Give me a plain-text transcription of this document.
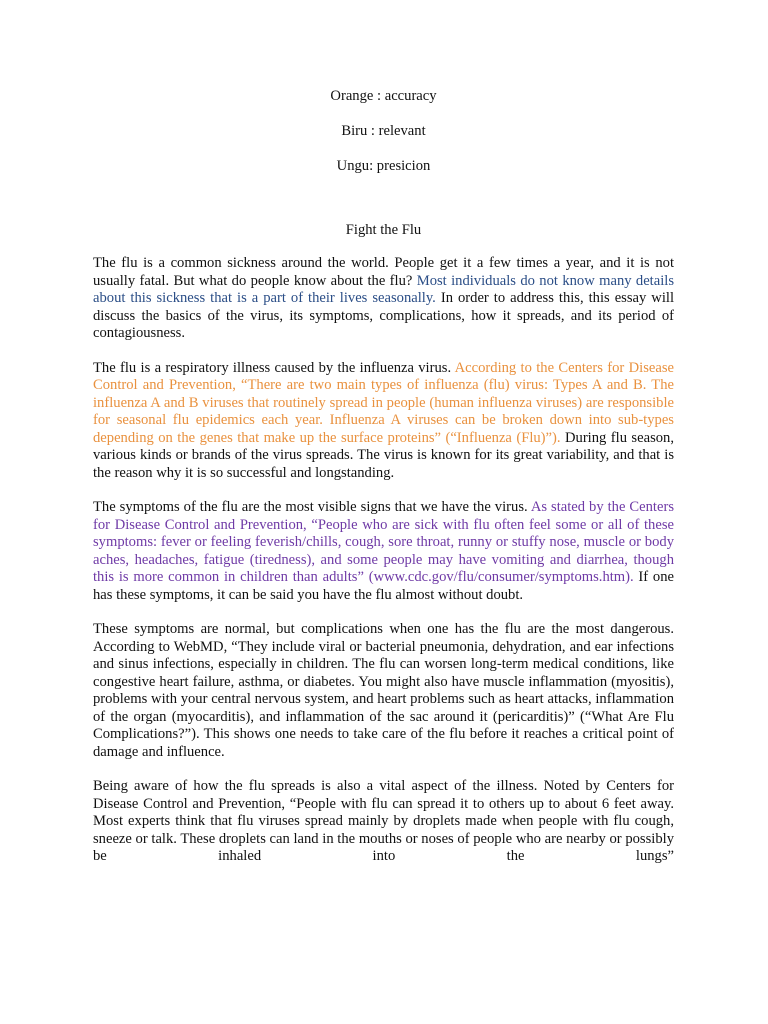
Orange : accuracy

Biru : relevant

Ungu: presicion

Fight the Flu

The flu is a common sickness around the world. People get it a few times a year, and it is not usually fatal. But what do people know about the flu? Most individuals do not know many details about this sickness that is a part of their lives seasonally. In order to address this, this essay will discuss the basics of the virus, its symptoms, complications, how it spreads, and its period of contagiousness.

The flu is a respiratory illness caused by the influenza virus. According to the Centers for Disease Control and Prevention, “There are two main types of influenza (flu) virus: Types A and B. The influenza A and B viruses that routinely spread in people (human influenza viruses) are responsible for seasonal flu epidemics each year. Influenza A viruses can be broken down into sub-types depending on the genes that make up the surface proteins” (“Influenza (Flu)”). During flu season, various kinds or brands of the virus spreads. The virus is known for its great variability, and that is the reason why it is so successful and longstanding.

The symptoms of the flu are the most visible signs that we have the virus. As stated by the Centers for Disease Control and Prevention, “People who are sick with flu often feel some or all of these symptoms: fever or feeling feverish/chills, cough, sore throat, runny or stuffy nose, muscle or body aches, headaches, fatigue (tiredness), and some people may have vomiting and diarrhea, though this is more common in children than adults” (www.cdc.gov/flu/consumer/symptoms.htm). If one has these symptoms, it can be said you have the flu almost without doubt.

These symptoms are normal, but complications when one has the flu are the most dangerous. According to WebMD, “They include viral or bacterial pneumonia, dehydration, and ear infections and sinus infections, especially in children. The flu can worsen long-term medical conditions, like congestive heart failure, asthma, or diabetes. You might also have muscle inflammation (myositis), problems with your central nervous system, and heart problems such as heart attacks, inflammation of the organ (myocarditis), and inflammation of the sac around it (pericarditis)” (“What Are Flu Complications?”). This shows one needs to take care of the flu before it reaches a critical point of damage and influence.

Being aware of how the flu spreads is also a vital aspect of the illness. Noted by Centers for Disease Control and Prevention, “People with flu can spread it to others up to about 6 feet away. Most experts think that flu viruses spread mainly by droplets made when people with flu cough, sneeze or talk. These droplets can land in the mouths or noses of people who are nearby or possibly be inhaled into the lungs”
